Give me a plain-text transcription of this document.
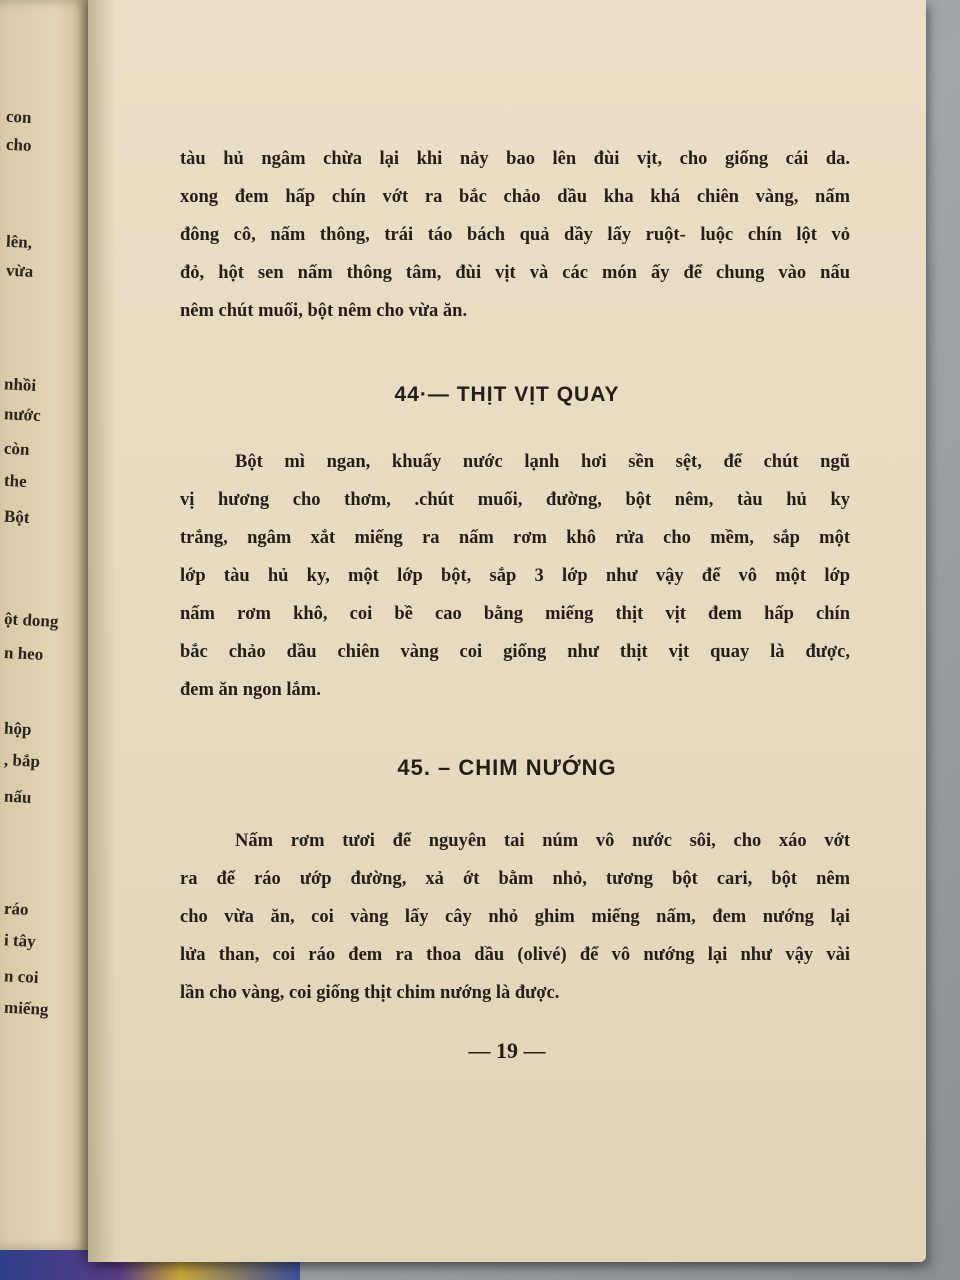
con
cho
lên,
vừa
nhồi
nước
còn
the
Bột
ột dong
n heo
hộp
, bắp
nấu
ráo
i tây
n coi
miếng
tàu hủ ngâm chừa lại khi nảy bao lên đùi vịt, cho giống cái da.
xong đem hấp chín vớt ra bắc chảo dầu kha khá chiên vàng, nấm
đông cô, nấm thông, trái táo bách quả dầy lấy ruột- luộc chín lột vỏ
đỏ, hột sen nấm thông tâm, đùi vịt và các món ấy để chung vào nấu
nêm chút muối, bột nêm cho vừa ăn.
44·— THỊT VỊT QUAY
Bột mì ngan, khuấy nước lạnh hơi sền sệt, để chút ngũ
vị hương cho thơm, .chút muối, đường, bột nêm, tàu hủ ky
trắng, ngâm xắt miếng ra nấm rơm khô rửa cho mềm, sắp một
lớp tàu hủ ky, một lớp bột, sắp 3 lớp như vậy để vô một lớp
nấm rơm khô, coi bề cao bằng miếng thịt vịt đem hấp chín
bắc chảo dầu chiên vàng coi giống như thịt vịt quay là được,
đem ăn ngon lắm.
45. – CHIM NƯỚNG
Nấm rơm tươi để nguyên tai núm vô nước sôi, cho xáo vớt
ra để ráo ướp đường, xả ớt bằm nhỏ, tương bột cari, bột nêm
cho vừa ăn, coi vàng lấy cây nhỏ ghim miếng nấm, đem nướng lại
lửa than, coi ráo đem ra thoa dầu (olivé) để vô nướng lại như vậy vài
lần cho vàng, coi giống thịt chim nướng là được.
— 19 —
